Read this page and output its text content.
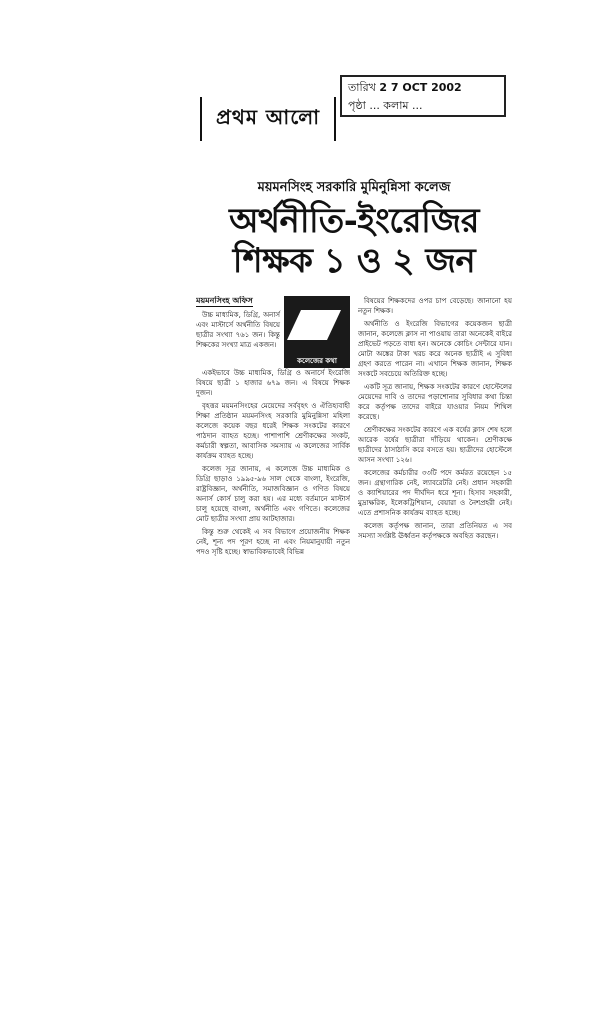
প্রথম আলো
তারিখ 2 7 OCT 2002
পৃষ্ঠা ... কলাম ...
ময়মনসিংহ সরকারি মুমিনুন্নিসা কলেজ
অর্থনীতি-ইংরেজির
শিক্ষক ১ ও ২ জন

ময়মনসিংহ অফিস

উচ্চ মাধ্যমিক, ডিগ্রি, অনার্স এবং মাস্টার্সে অর্থনীতি বিষয়ে ছাত্রীর সংখ্যা ৭৬১ জন। কিন্তু শিক্ষকের সংখ্যা মাত্র একজন।

কলেজের কথা

একইভাবে উচ্চ মাধ্যমিক, ডিগ্রি ও অনার্সে ইংরেজি বিষয়ে ছাত্রী ১ হাজার ৬৭৯ জন। এ বিষয়ে শিক্ষক দুজন।

বৃহত্তর ময়মনসিংহের মেয়েদের সর্ববৃহৎ ও ঐতিহ্যবাহী শিক্ষা প্রতিষ্ঠান ময়মনসিংহ সরকারি মুমিনুন্নিসা মহিলা কলেজে কয়েক বছর ধরেই শিক্ষক সংকটের কারণে পাঠদান ব্যাহত হচ্ছে। পাশাপাশি শ্রেণীকক্ষের সংকট, কর্মচারী স্বল্পতা, আবাসিক সমস্যায় এ কলেজের সার্বিক কার্যক্রম ব্যাহত হচ্ছে।

কলেজ সূত্র জানায়, এ কলেজে উচ্চ মাধ্যমিক ও ডিগ্রি ছাড়াও ১৯৯৫-৯৬ সাল থেকে বাংলা, ইংরেজি, রাষ্ট্রবিজ্ঞান, অর্থনীতি, সমাজবিজ্ঞান ও গণিত বিষয়ে অনার্স কোর্স চালু করা হয়। এর মধ্যে বর্তমানে মাস্টার্স চালু হয়েছে বাংলা, অর্থনীতি এবং গণিতে। কলেজের মোট ছাত্রীর সংখ্যা প্রায় আটহাজার।

কিন্তু শুরু থেকেই এ সব বিভাগে প্রয়োজনীয় শিক্ষক নেই, শূন্য পদ পূরণ হচ্ছে না এবং নিয়মানুযায়ী নতুন পদও সৃষ্টি হচ্ছে। স্বাভাবিকভাবেই বিভিন্ন

বিষয়ের শিক্ষকদের ওপর চাপ বেড়েছে। জানানো হয় নতুন শিক্ষক।

অর্থনীতি ও ইংরেজি বিভাগের কয়েকজন ছাত্রী জানান, কলেজে ক্লাস না পাওয়ায় তারা অনেকেই বাইরে প্রাইভেট পড়তে বাধ্য হন। অনেকে কোচিং সেন্টারে যান। মোটা অঙ্কের টাকা খরচ করে অনেক ছাত্রীই এ সুবিধা গ্রহণ করতে পারেন না। এখানে শিক্ষক জানান, শিক্ষক সংকটে সবচেয়ে অতিরিক্ত হচ্ছে।

একটি সূত্র জানায়, শিক্ষক সংকটের কারণে হোস্টেলের মেয়েদের দাবি ও তাদের পড়াশোনার সুবিধার কথা চিন্তা করে কর্তৃপক্ষ তাদের বাইরে যাওয়ার নিয়ম শিথিল করেছে।

শ্রেণীকক্ষের সংকটের কারণে এক বর্ষের ক্লাস শেষ হলে আরেক বর্ষের ছাত্রীরা দাঁড়িয়ে থাকেন। শ্রেণীকক্ষে ছাত্রীদের ঠাসাঠাসি করে বসতে হয়। ছাত্রীদের হোস্টেলে আসন সংখ্যা ১২৬।

কলেজের কর্মচারীর ৩৩টি পদে কর্মরত রয়েছেন ১৫ জন। গ্রন্থাগারিক নেই, ল্যাবরেটরি নেই। প্রধান সহকারী ও ক্যাশিয়ারের পদ দীর্ঘদিন ধরে শূন্য। হিসাব সহকারী, মুদ্রাক্ষরিক, ইলেকট্রিশিয়ান, বেয়ারা ও নৈশপ্রহরী নেই। এতে প্রশাসনিক কার্যক্রম ব্যাহত হচ্ছে।

কলেজ কর্তৃপক্ষ জানান, তারা প্রতিনিয়ত এ সব সমস্যা সংশ্লিষ্ট ঊর্ধ্বতন কর্তৃপক্ষকে অবহিত করছেন।
